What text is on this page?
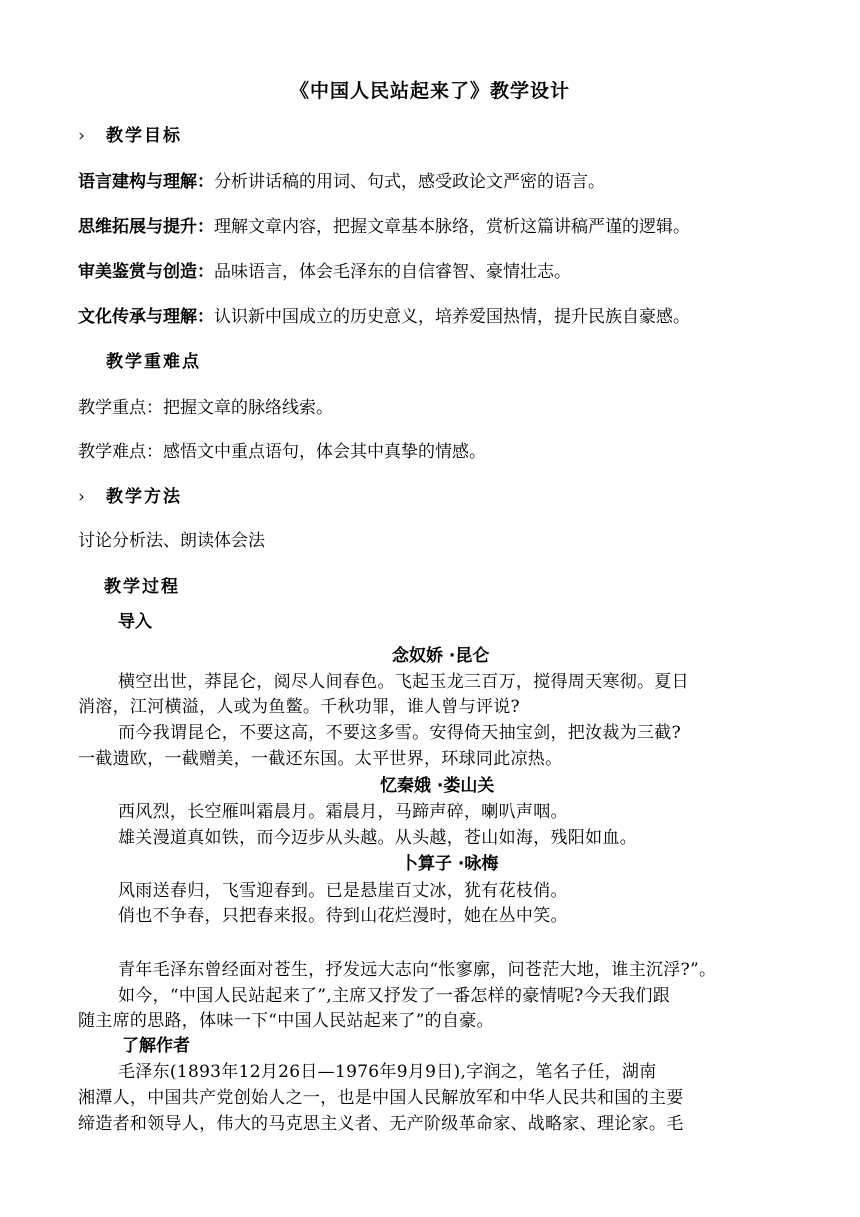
《中国人民站起来了》教学设计
› 教学目标
语言建构与理解：分析讲话稿的用词、句式，感受政论文严密的语言。
思维拓展与提升：理解文章内容，把握文章基本脉络，赏析这篇讲稿严谨的逻辑。
审美鉴赏与创造：品味语言，体会毛泽东的自信睿智、豪情壮志。
文化传承与理解：认识新中国成立的历史意义，培养爱国热情，提升民族自豪感。
教学重难点
教学重点：把握文章的脉络线索。
教学难点：感悟文中重点语句，体会其中真挚的情感。
› 教学方法
讨论分析法、朗读体会法
教学过程
导入
念奴娇 ·昆仑
横空出世，莽昆仑，阅尽人间春色。飞起玉龙三百万，搅得周天寒彻。夏日
消溶，江河横溢，人或为鱼鳖。千秋功罪，谁人曾与评说?
而今我谓昆仑，不要这高，不要这多雪。安得倚天抽宝剑，把汝裁为三截?
一截遗欧，一截赠美，一截还东国。太平世界，环球同此凉热。
忆秦娥 ·娄山关
西风烈，长空雁叫霜晨月。霜晨月，马蹄声碎，喇叭声咽。
雄关漫道真如铁，而今迈步从头越。从头越，苍山如海，残阳如血。
卜算子 ·咏梅
风雨送春归，飞雪迎春到。已是悬崖百丈冰，犹有花枝俏。
俏也不争春，只把春来报。待到山花烂漫时，她在丛中笑。
青年毛泽东曾经面对苍生，抒发远大志向“怅寥廓，问苍茫大地，谁主沉浮?”。
如今，“中国人民站起来了”,主席又抒发了一番怎样的豪情呢?今天我们跟
随主席的思路，体味一下“中国人民站起来了”的自豪。
了解作者
毛泽东(1893年12月26日—1976年9月9日),字润之，笔名子任，湖南
湘潭人，中国共产党创始人之一，也是中国人民解放军和中华人民共和国的主要
缔造者和领导人，伟大的马克思主义者、无产阶级革命家、战略家、理论家。毛
